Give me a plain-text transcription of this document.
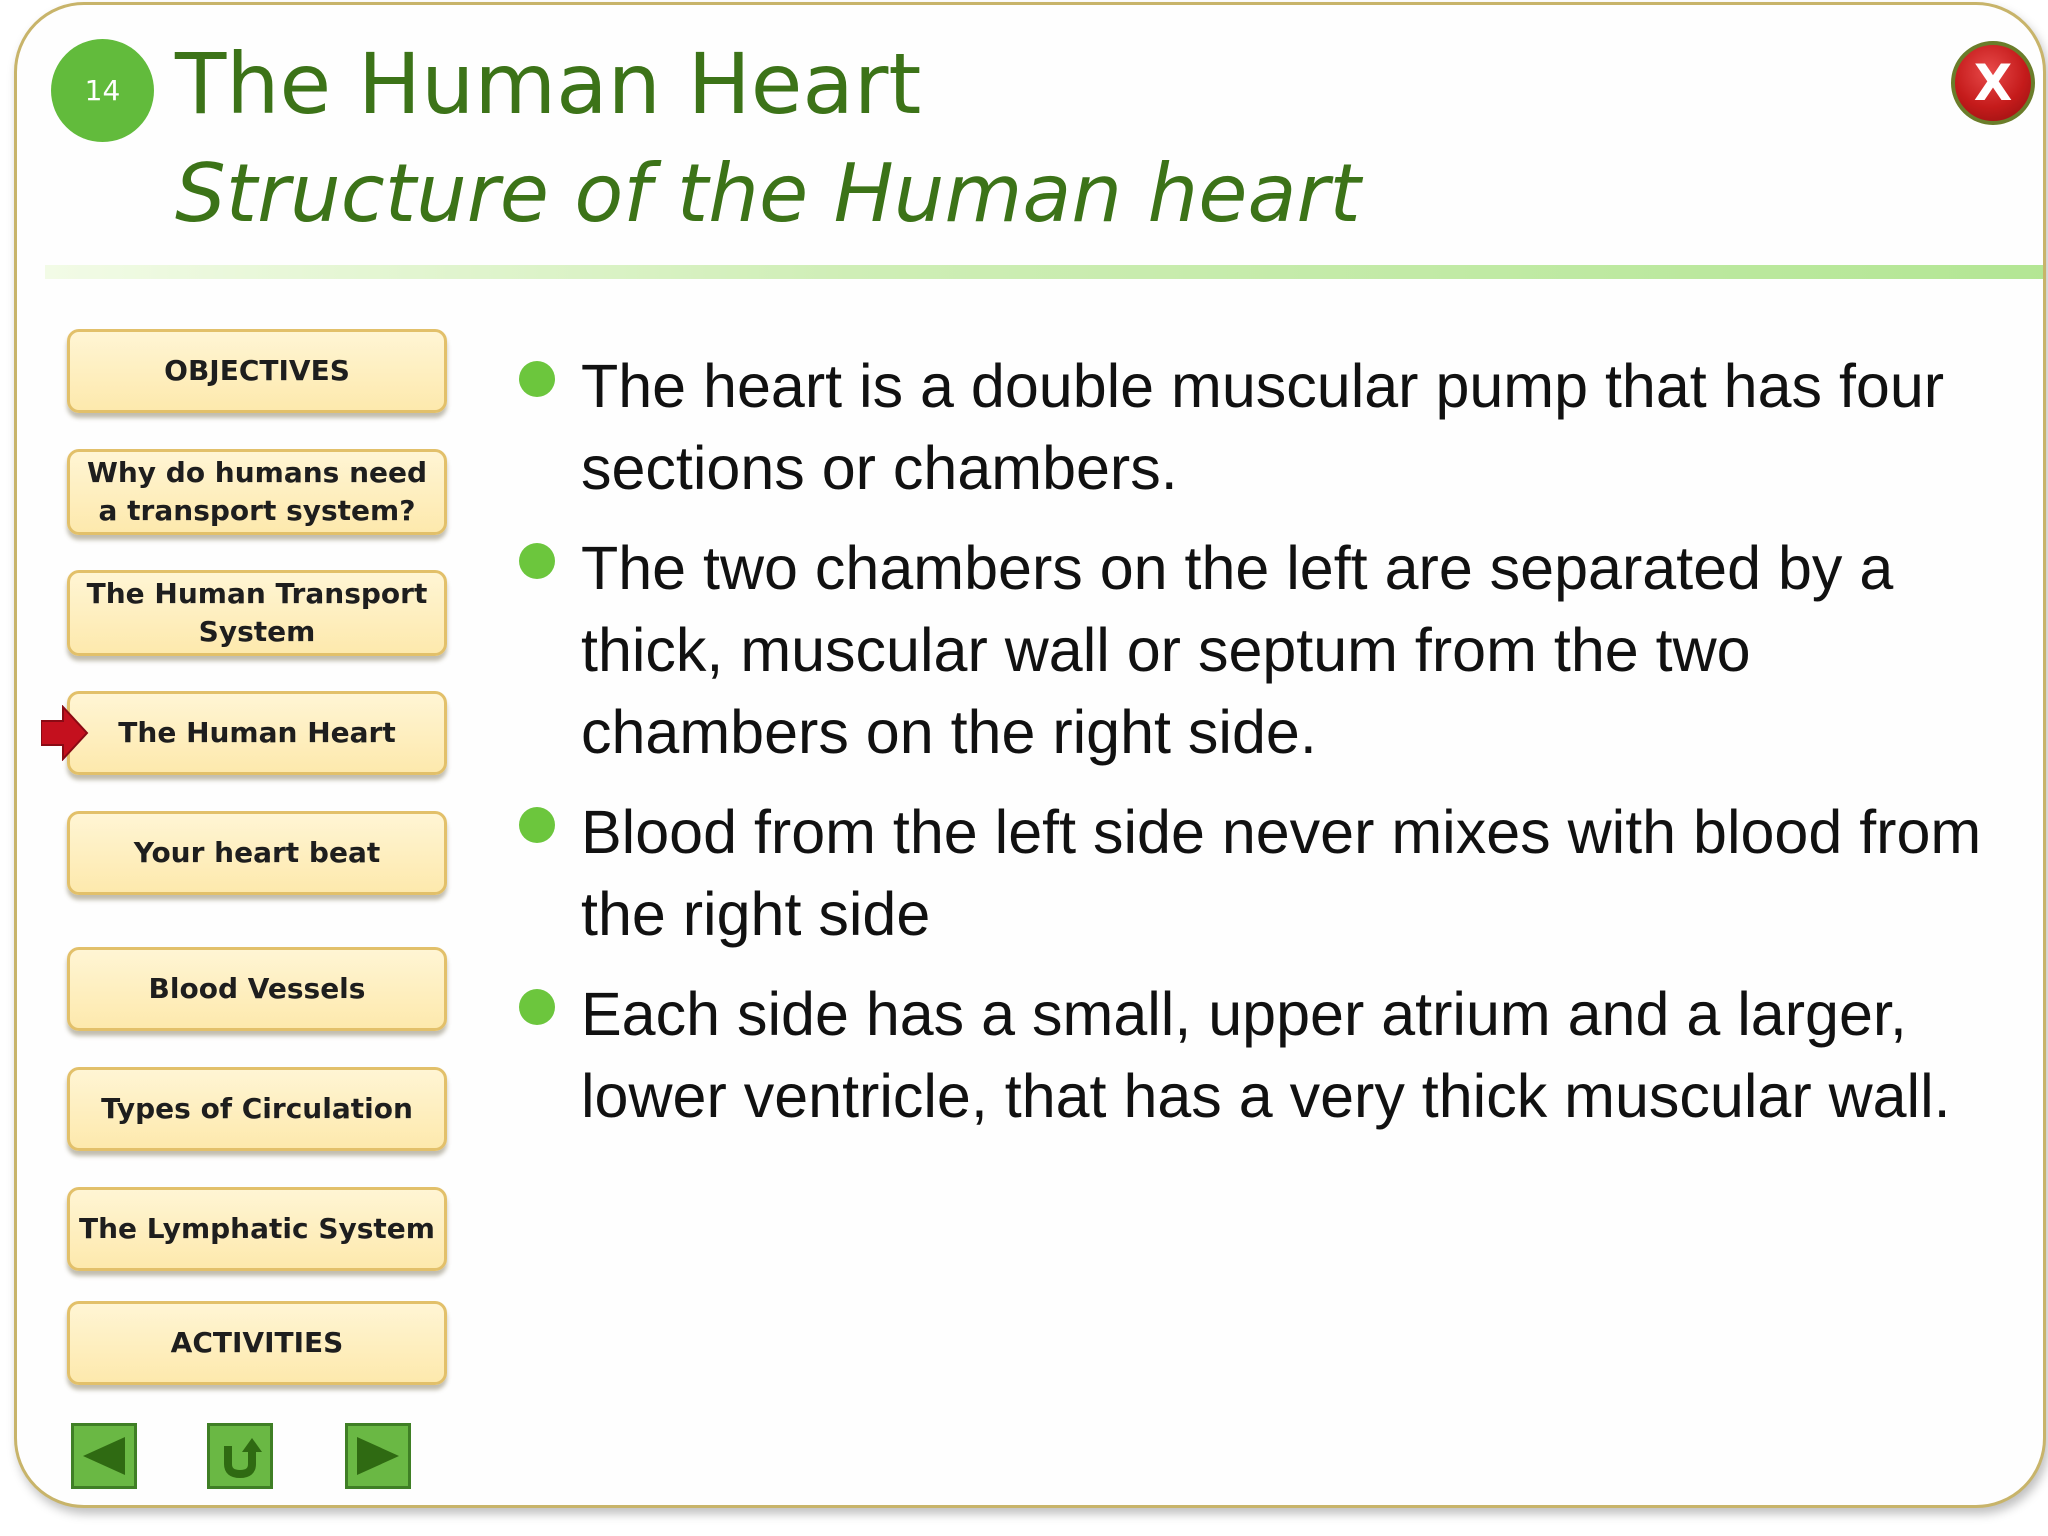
14 The Human Heart
Structure of the Human heart
X
OBJECTIVES
Why do humans need
a transport system?
The Human Transport
System
The Human Heart
Your heart beat
Blood Vessels
Types of Circulation
The Lymphatic System
ACTIVITIES
The heart is a double muscular pump that has four sections or chambers.
The two chambers on the left are separated by a thick, muscular wall or septum from the two chambers on the right side.
Blood from the left side never mixes with blood from the right side
Each side has a small, upper atrium and a larger, lower ventricle, that has a very thick muscular wall.
